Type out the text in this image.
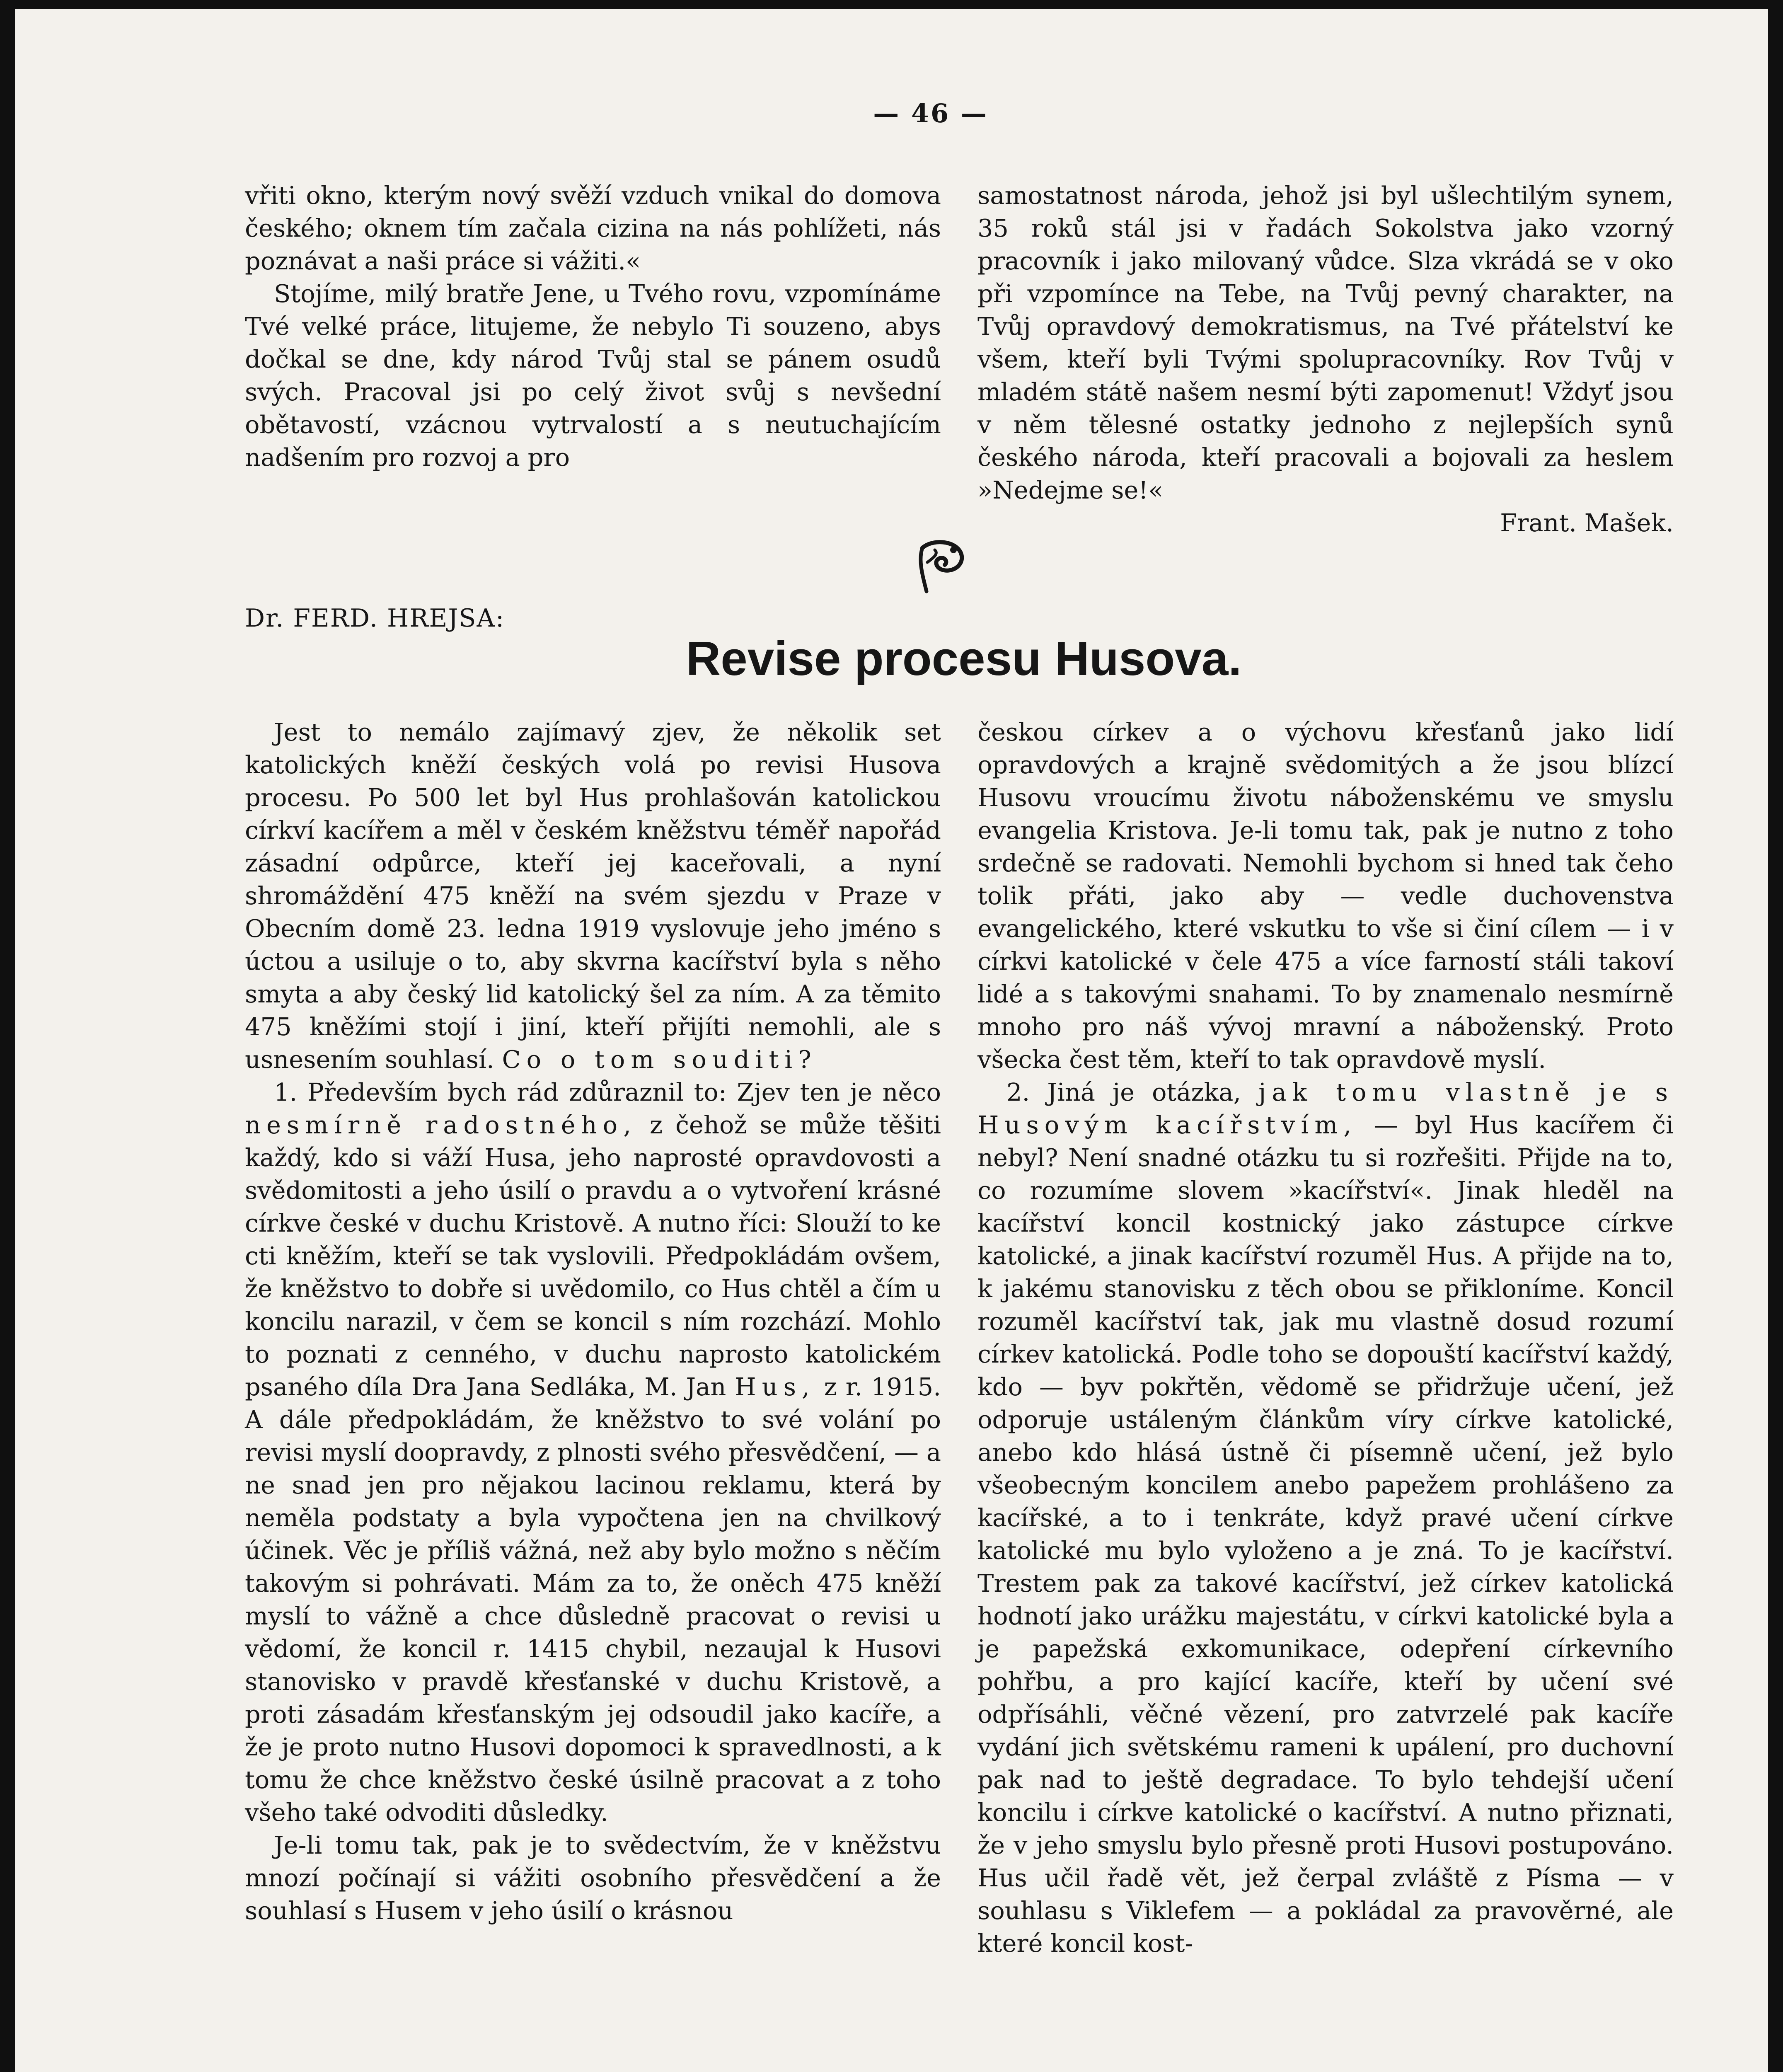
— 46 —

vřiti okno, kterým nový svěží vzduch vnikal do domova českého; oknem tím začala cizina na nás pohlížeti, nás poznávat a naši práce si vážiti.«

Stojíme, milý bratře Jene, u Tvého rovu, vzpomínáme Tvé velké práce, litujeme, že nebylo Ti souzeno, abys dočkal se dne, kdy národ Tvůj stal se pánem osudů svých. Pracoval jsi po celý život svůj s nevšední obětavostí, vzácnou vytrvalostí a s neutuchajícím nadšením pro rozvoj a pro

samostatnost národa, jehož jsi byl ušlechtilým synem, 35 roků stál jsi v řadách Sokolstva jako vzorný pracovník i jako milovaný vůdce. Slza vkrádá se v oko při vzpomínce na Tebe, na Tvůj pevný charakter, na Tvůj opravdový demokratismus, na Tvé přátelství ke všem, kteří byli Tvými spolupracovníky. Rov Tvůj v mladém státě našem nesmí býti zapomenut! Vždyť jsou v něm tělesné ostatky jednoho z nejlepších synů českého národa, kteří pracovali a bojovali za heslem »Nedejme se!«

Frant. Mašek.

Dr. FERD. HREJSA:
Revise procesu Husova.

Jest to nemálo zajímavý zjev, že několik set katolických kněží českých volá po revisi Husova procesu. Po 500 let byl Hus prohlašován katolickou církví kacířem a měl v českém kněžstvu téměř napořád zásadní odpůrce, kteří jej kaceřovali, a nyní shromáždění 475 kněží na svém sjezdu v Praze v Obecním domě 23. ledna 1919 vyslovuje jeho jméno s úctou a usiluje o to, aby skvrna kacířství byla s něho smyta a aby český lid katolický šel za ním. A za těmito 475 kněžími stojí i jiní, kteří přijíti nemohli, ale s usnesením souhlasí. Co o tom souditi?

1. Především bych rád zdůraznil to: Zjev ten je něco nesmírně radostného, z čehož se může těšiti každý, kdo si váží Husa, jeho naprosté opravdovosti a svědomitosti a jeho úsilí o pravdu a o vytvoření krásné církve české v duchu Kristově. A nutno říci: Slouží to ke cti kněžím, kteří se tak vyslovili. Předpokládám ovšem, že kněžstvo to dobře si uvědomilo, co Hus chtěl a čím u koncilu narazil, v čem se koncil s ním rozchází. Mohlo to poznati z cenného, v duchu naprosto katolickém psaného díla Dra Jana Sedláka, M. Jan Hus, z r. 1915. A dále předpokládám, že kněžstvo to své volání po revisi myslí doopravdy, z plnosti svého přesvědčení, — a ne snad jen pro nějakou lacinou reklamu, která by neměla podstaty a byla vypočtena jen na chvilkový účinek. Věc je příliš vážná, než aby bylo možno s něčím takovým si pohrávati. Mám za to, že oněch 475 kněží myslí to vážně a chce důsledně pracovat o revisi u vědomí, že koncil r. 1415 chybil, nezaujal k Husovi stanovisko v pravdě křesťanské v duchu Kristově, a proti zásadám křesťanským jej odsoudil jako kacíře, a že je proto nutno Husovi dopomoci k spravedlnosti, a k tomu že chce kněžstvo české úsilně pracovat a z toho všeho také odvoditi důsledky.

Je-li tomu tak, pak je to svědectvím, že v kněžstvu mnozí počínají si vážiti osobního přesvědčení a že souhlasí s Husem v jeho úsilí o krásnou

českou církev a o výchovu křesťanů jako lidí opravdových a krajně svědomitých a že jsou blízcí Husovu vroucímu životu náboženskému ve smyslu evangelia Kristova. Je-li tomu tak, pak je nutno z toho srdečně se radovati. Nemohli bychom si hned tak čeho tolik přáti, jako aby — vedle duchovenstva evangelického, které vskutku to vše si činí cílem — i v církvi katolické v čele 475 a více farností stáli takoví lidé a s takovými snahami. To by znamenalo nesmírně mnoho pro náš vývoj mravní a náboženský. Proto všecka čest těm, kteří to tak opravdově myslí.

2. Jiná je otázka, jak tomu vlastně je s Husovým kacířstvím, — byl Hus kacířem či nebyl? Není snadné otázku tu si rozřešiti. Přijde na to, co rozumíme slovem »kacířství«. Jinak hleděl na kacířství koncil kostnický jako zástupce církve katolické, a jinak kacířství rozuměl Hus. A přijde na to, k jakému stanovisku z těch obou se přikloníme. Koncil rozuměl kacířství tak, jak mu vlastně dosud rozumí církev katolická. Podle toho se dopouští kacířství každý, kdo — byv pokřtěn, vědomě se přidržuje učení, jež odporuje ustáleným článkům víry církve katolické, anebo kdo hlásá ústně či písemně učení, jež bylo všeobecným koncilem anebo papežem prohlášeno za kacířské, a to i tenkráte, když pravé učení církve katolické mu bylo vyloženo a je zná. To je kacířství. Trestem pak za takové kacířství, jež církev katolická hodnotí jako urážku majestátu, v církvi katolické byla a je papežská exkomunikace, odepření církevního pohřbu, a pro kající kacíře, kteří by učení své odpřísáhli, věčné vězení, pro zatvrzelé pak kacíře vydání jich světskému rameni k upálení, pro duchovní pak nad to ještě degradace. To bylo tehdejší učení koncilu i církve katolické o kacířství. A nutno přiznati, že v jeho smyslu bylo přesně proti Husovi postupováno. Hus učil řadě vět, jež čerpal zvláště z Písma — v souhlasu s Viklefem — a pokládal za pravověrné, ale které koncil kost-
